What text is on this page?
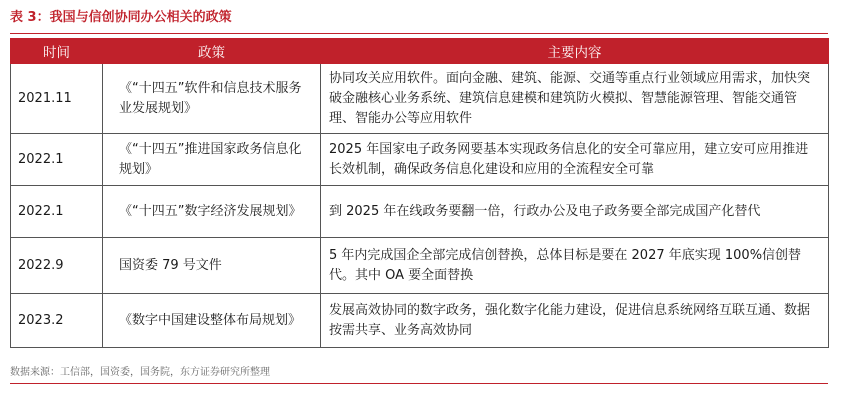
表 3：我国与信创协同办公相关的政策
时间	政策	主要内容
2021.11	《“十四五”软件和信息技术服务业发展规划》	协同攻关应用软件。面向金融、建筑、能源、交通等重点行业领域应用需求，加快突破金融核心业务系统、建筑信息建模和建筑防火模拟、智慧能源管理、智能交通管理、智能办公等应用软件
2022.1	《“十四五”推进国家政务信息化规划》	2025 年国家电子政务网要基本实现政务信息化的安全可靠应用，建立安可应用推进长效机制，确保政务信息化建设和应用的全流程安全可靠
2022.1	《“十四五”数字经济发展规划》	到 2025 年在线政务要翻一倍，行政办公及电子政务要全部完成国产化替代
2022.9	国资委 79 号文件	5 年内完成国企全部完成信创替换，总体目标是要在 2027 年底实现 100%信创替代。其中 OA 要全面替换
2023.2	《数字中国建设整体布局规划》	发展高效协同的数字政务，强化数字化能力建设，促进信息系统网络互联互通、数据按需共享、业务高效协同
数据来源：工信部，国资委，国务院，东方证券研究所整理
